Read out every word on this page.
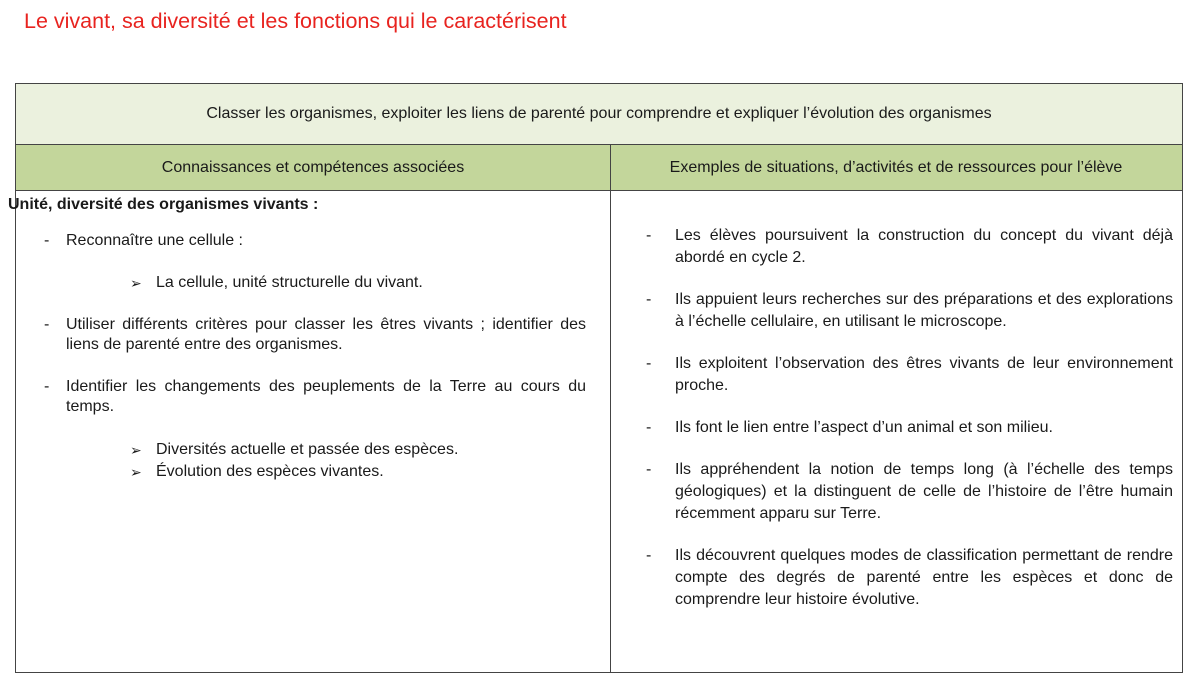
Le vivant, sa diversité et les fonctions qui le caractérisent
Classer les organismes, exploiter les liens de parenté pour comprendre et expliquer l’évolution des organismes
Connaissances et compétences associées	Exemples de situations, d’activités et de ressources pour l’élève
Unité, diversité des organismes vivants :
- Reconnaître une cellule :
➢ La cellule, unité structurelle du vivant.
- Utiliser différents critères pour classer les êtres vivants ; identifier des liens de parenté entre des organismes.
- Identifier les changements des peuplements de la Terre au cours du temps.
➢ Diversités actuelle et passée des espèces.
➢ Évolution des espèces vivantes.
- Les élèves poursuivent la construction du concept du vivant déjà abordé en cycle 2.
- Ils appuient leurs recherches sur des préparations et des explorations à l’échelle cellulaire, en utilisant le microscope.
- Ils exploitent l’observation des êtres vivants de leur environnement proche.
- Ils font le lien entre l’aspect d’un animal et son milieu.
- Ils appréhendent la notion de temps long (à l’échelle des temps géologiques) et la distinguent de celle de l’histoire de l’être humain récemment apparu sur Terre.
- Ils découvrent quelques modes de classification permettant de rendre compte des degrés de parenté entre les espèces et donc de comprendre leur histoire évolutive.
